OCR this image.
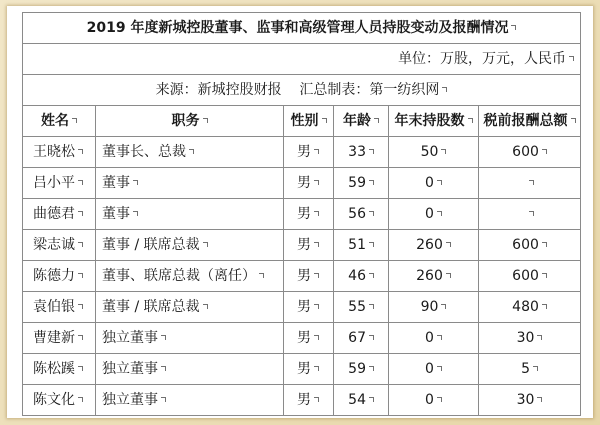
2019 年度新城控股董事、监事和高级管理人员持股变动及报酬情况					
单位：万股，万元，人民币					
来源：新城控股财报    汇总制表：第一纺织网					
姓名	职务	性别	年龄	年末持股数	税前报酬总额
王晓松	董事长、总裁	男	33	50	600
吕小平	董事	男	59	0	
曲德君	董事	男	56	0	
梁志诚	董事 / 联席总裁	男	51	260	600
陈德力	董事、联席总裁（离任）	男	46	260	600
袁伯银	董事 / 联席总裁	男	55	90	480
曹建新	独立董事	男	67	0	30
陈松蹊	独立董事	男	59	0	5
陈文化	独立董事	男	54	0	30
